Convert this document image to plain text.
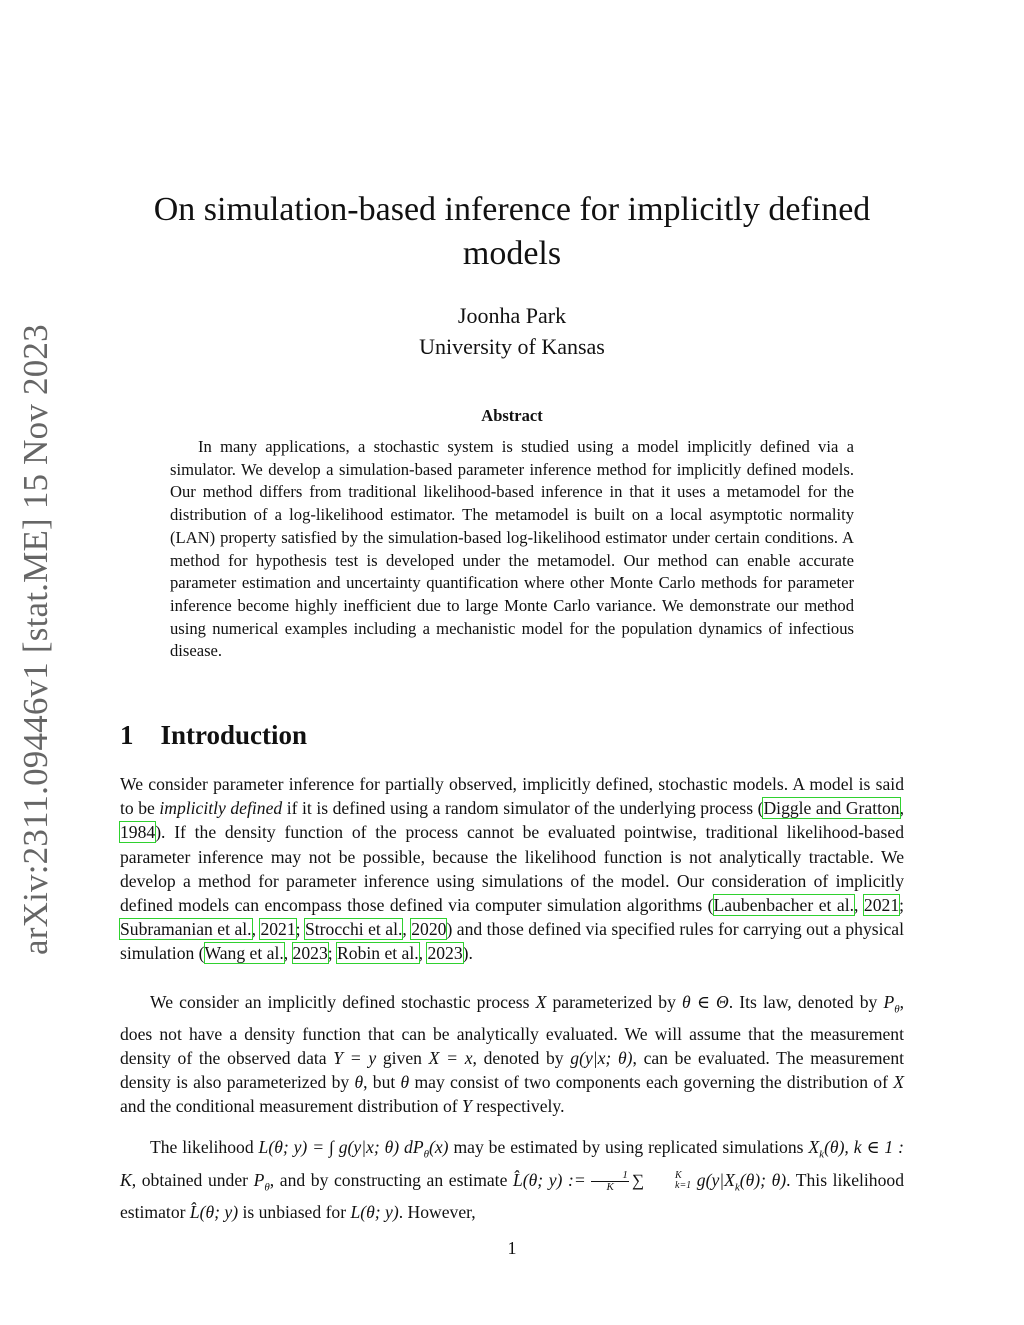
arXiv:2311.09446v1 [stat.ME] 15 Nov 2023
On simulation-based inference for implicitly defined
models
Joonha Park
University of Kansas
Abstract

In many applications, a stochastic system is studied using a model implicitly defined via a simulator. We develop a simulation-based parameter inference method for implicitly defined models. Our method differs from traditional likelihood-based inference in that it uses a metamodel for the distribution of a log-likelihood estimator. The metamodel is built on a local asymptotic normality (LAN) property satisfied by the simulation-based log-likelihood estimator under certain conditions. A method for hypothesis test is developed under the metamodel. Our method can enable accurate parameter estimation and uncertainty quantification where other Monte Carlo methods for parameter inference become highly inefficient due to large Monte Carlo variance. We demonstrate our method using numerical examples including a mechanistic model for the population dynamics of infectious disease.

1 Introduction

We consider parameter inference for partially observed, implicitly defined, stochastic models. A model is said to be implicitly defined if it is defined using a random simulator of the underlying process (Diggle and Gratton, 1984). If the density function of the process cannot be evaluated pointwise, traditional likelihood-based parameter inference may not be possible, because the likelihood function is not analytically tractable. We develop a method for parameter inference using simulations of the model. Our consideration of implicitly defined models can encompass those defined via computer simulation algorithms (Laubenbacher et al., 2021; Subramanian et al., 2021; Strocchi et al., 2020) and those defined via specified rules for carrying out a physical simulation (Wang et al., 2023; Robin et al., 2023).

We consider an implicitly defined stochastic process X parameterized by θ ∈ Θ. Its law, denoted by $P_\theta$, does not have a density function that can be analytically evaluated. We will assume that the measurement density of the observed data Y = y given X = x, denoted by g(y|x; θ), can be evaluated. The measurement density is also parameterized by θ, but θ may consist of two components each governing the distribution of X and the conditional measurement distribution of Y respectively.

The likelihood L(θ; y) = ∫ g(y|x; θ) $dP_\theta(x)$ may be estimated by using replicated simulations $X_k(\theta)$, k ∈ 1 : K, obtained under $P_\theta$, and by constructing an estimate L̂(θ; y) := $\frac{1}{K}$ ∑	K
k=1 $g(y|X_k(\theta)$; θ). This likelihood estimator L̂(θ; y) is unbiased for L(θ; y). However,

1
